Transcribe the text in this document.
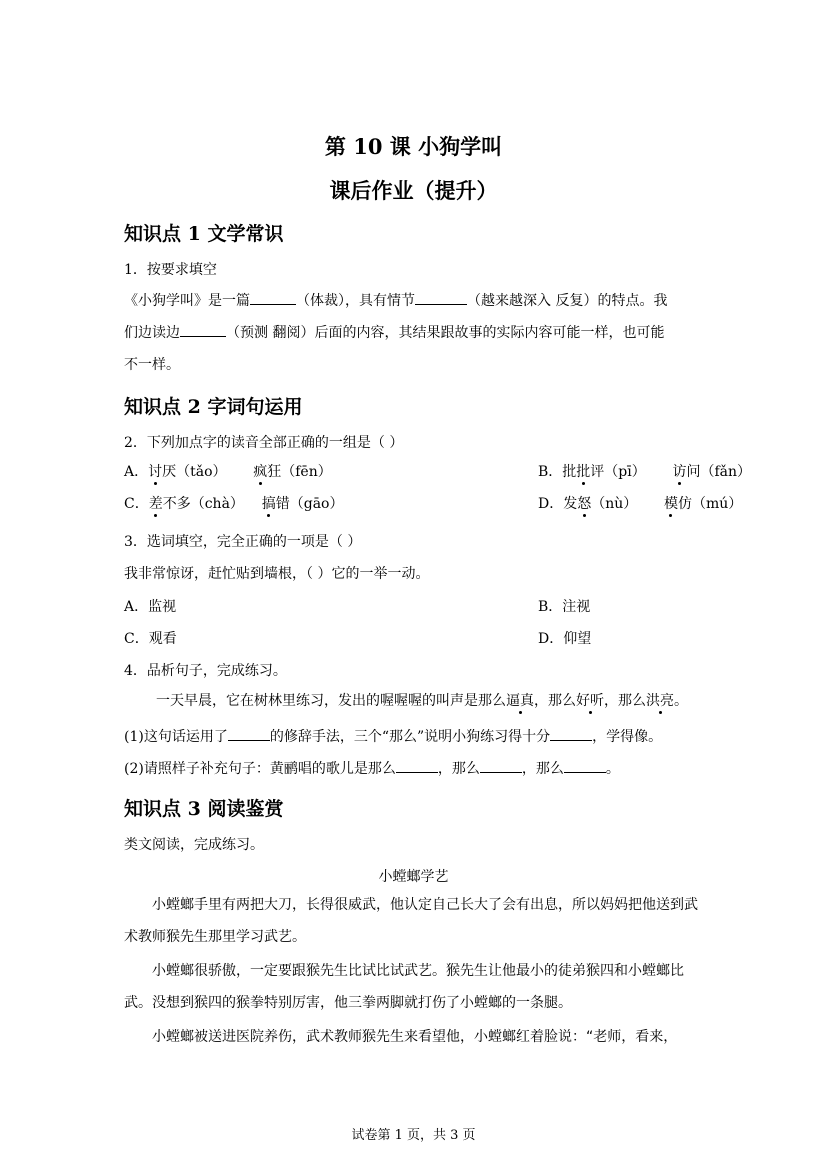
第 10 课 小狗学叫
课后作业（提升）
知识点 1 文学常识
1．按要求填空
《小狗学叫》是一篇	（体裁），具有情节	（越来越深入 反复）的特点。我
们边读边	（预测 翻阅）后面的内容，其结果跟故事的实际内容可能一样，也可能
不一样。
知识点 2 字词句运用
2．下列加点字的读音全部正确的一组是（ ）
A．讨厌（tǎo） 疯狂（fēn）	B．批批评（pī） 访问（fǎn）
C．差不多（chà） 搞错（gāo）	D．发怒（nù） 模仿（mú）
3．选词填空，完全正确的一项是（ ）
我非常惊讶，赶忙贴到墙根，（ ）它的一举一动。
A．监视	B．注视
C．观看	D．仰望
4．品析句子，完成练习。
一天早晨，它在树林里练习，发出的喔喔喔的叫声是那么逼真，那么好听，那么洪亮。
(1)这句话运用了	的修辞手法，三个“那么”说明小狗练习得十分	，学得像。
(2)请照样子补充句子：黄鹂唱的歌儿是那么	，那么	，那么	。
知识点 3 阅读鉴赏
类文阅读，完成练习。
小螳螂学艺
小螳螂手里有两把大刀，长得很威武，他认定自己长大了会有出息，所以妈妈把他送到武术教师猴先生那里学习武艺。
小螳螂很骄傲，一定要跟猴先生比试比试武艺。猴先生让他最小的徒弟猴四和小螳螂比武。没想到猴四的猴拳特别厉害，他三拳两脚就打伤了小螳螂的一条腿。
小螳螂被送进医院养伤，武术教师猴先生来看望他，小螳螂红着脸说：“老师，看来，
试卷第 1 页，共 3 页
